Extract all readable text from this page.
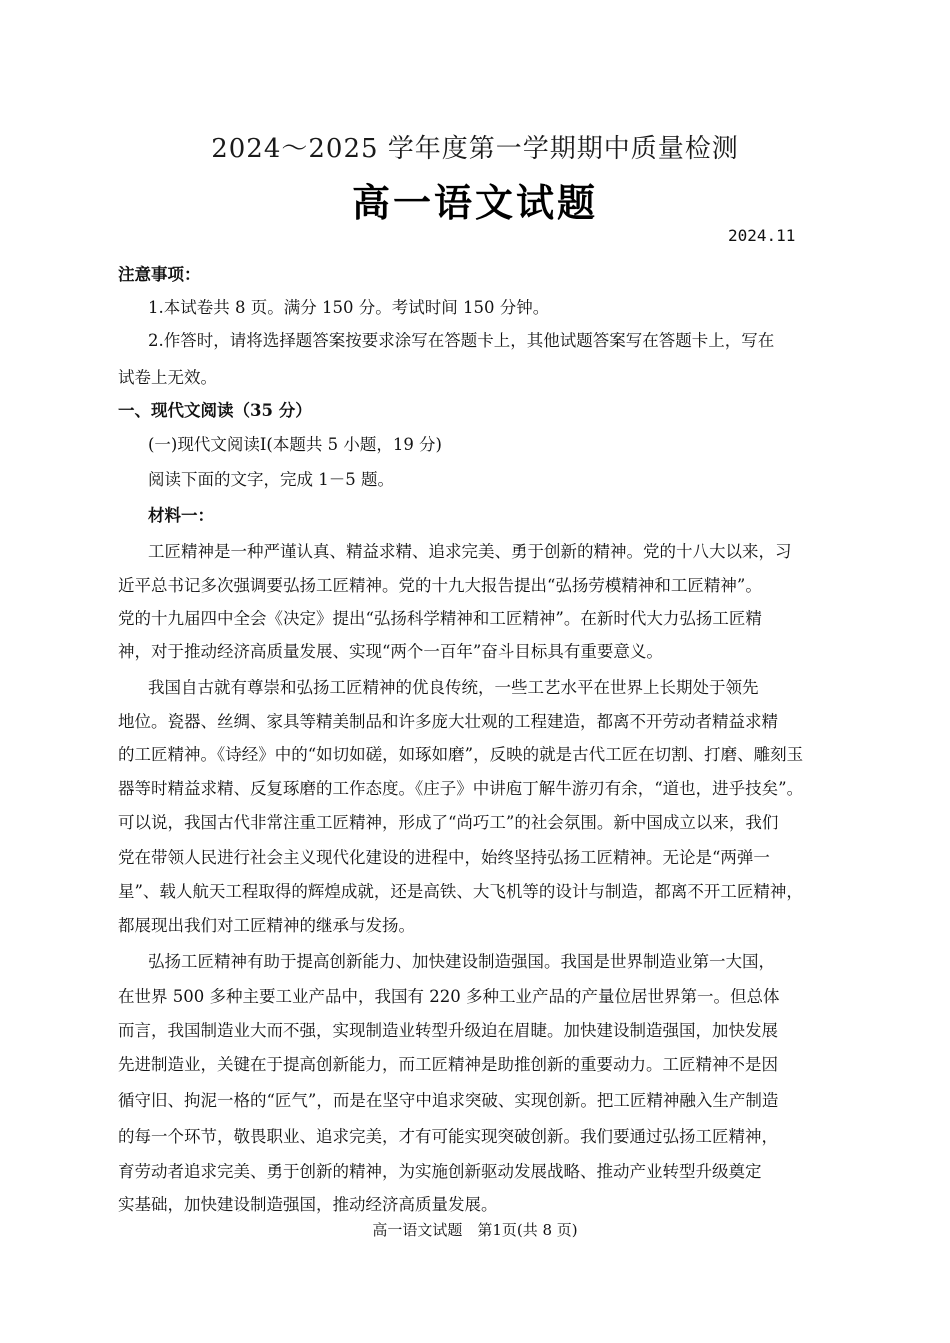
2024～2025 学年度第一学期期中质量检测
高一语文试题
2024.11
注意事项：
1.本试卷共 8 页。满分 150 分。考试时间 150 分钟。
2.作答时，请将选择题答案按要求涂写在答题卡上，其他试题答案写在答题卡上，写在
试卷上无效。
一、现代文阅读（35 分）
(一)现代文阅读Ⅰ(本题共 5 小题，19 分)
阅读下面的文字，完成 1－5 题。
材料一：
工匠精神是一种严谨认真、精益求精、追求完美、勇于创新的精神。党的十八大以来，习
近平总书记多次强调要弘扬工匠精神。党的十九大报告提出“弘扬劳模精神和工匠精神”。
党的十九届四中全会《决定》提出“弘扬科学精神和工匠精神”。在新时代大力弘扬工匠精
神，对于推动经济高质量发展、实现“两个一百年”奋斗目标具有重要意义。
我国自古就有尊崇和弘扬工匠精神的优良传统，一些工艺水平在世界上长期处于领先
地位。瓷器、丝绸、家具等精美制品和许多庞大壮观的工程建造，都离不开劳动者精益求精
的工匠精神。《诗经》中的“如切如磋，如琢如磨”，反映的就是古代工匠在切割、打磨、雕刻玉
器等时精益求精、反复琢磨的工作态度。《庄子》中讲庖丁解牛游刃有余，“道也，进乎技矣”。
可以说，我国古代非常注重工匠精神，形成了“尚巧工”的社会氛围。新中国成立以来，我们
党在带领人民进行社会主义现代化建设的进程中，始终坚持弘扬工匠精神。无论是“两弹一
星”、载人航天工程取得的辉煌成就，还是高铁、大飞机等的设计与制造，都离不开工匠精神，
都展现出我们对工匠精神的继承与发扬。
弘扬工匠精神有助于提高创新能力、加快建设制造强国。我国是世界制造业第一大国，
在世界 500 多种主要工业产品中，我国有 220 多种工业产品的产量位居世界第一。但总体
而言，我国制造业大而不强，实现制造业转型升级迫在眉睫。加快建设制造强国，加快发展
先进制造业，关键在于提高创新能力，而工匠精神是助推创新的重要动力。工匠精神不是因
循守旧、拘泥一格的“匠气”，而是在坚守中追求突破、实现创新。把工匠精神融入生产制造
的每一个环节，敬畏职业、追求完美，才有可能实现突破创新。我们要通过弘扬工匠精神，
育劳动者追求完美、勇于创新的精神，为实施创新驱动发展战略、推动产业转型升级奠定
实基础，加快建设制造强国，推动经济高质量发展。
高一语文试题　第1页(共 8 页)
